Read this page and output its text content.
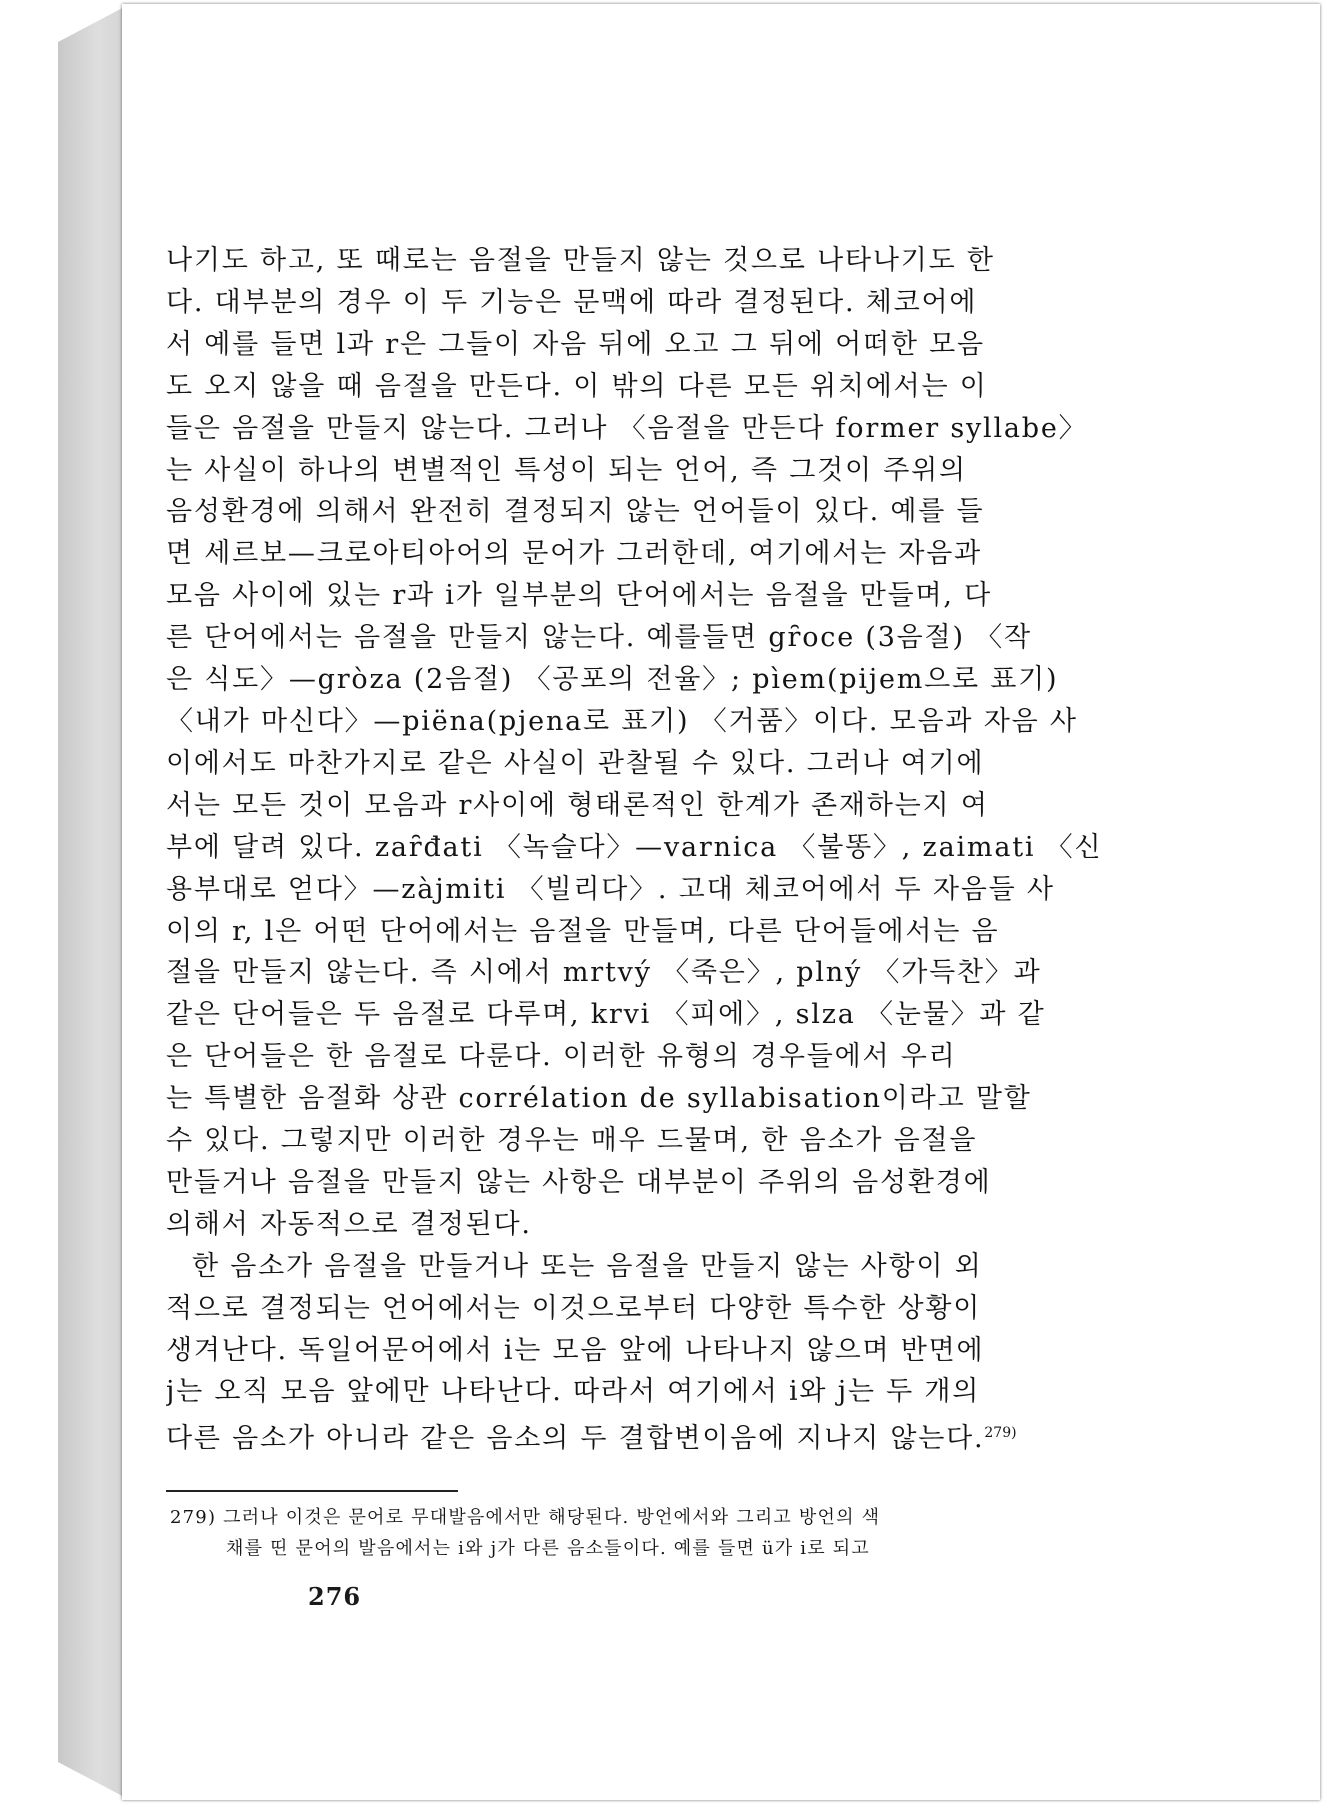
나기도 하고, 또 때로는 음절을 만들지 않는 것으로 나타나기도 한
다. 대부분의 경우 이 두 기능은 문맥에 따라 결정된다. 체코어에
서 예를 들면 l과 r은 그들이 자음 뒤에 오고 그 뒤에 어떠한 모음
도 오지 않을 때 음절을 만든다. 이 밖의 다른 모든 위치에서는 이
들은 음절을 만들지 않는다. 그러나 〈음절을 만든다 former syllabe〉
는 사실이 하나의 변별적인 특성이 되는 언어, 즉 그것이 주위의
음성환경에 의해서 완전히 결정되지 않는 언어들이 있다. 예를 들
면 세르보—크로아티아어의 문어가 그러한데, 여기에서는 자음과
모음 사이에 있는 r과 i가 일부분의 단어에서는 음절을 만들며, 다
른 단어에서는 음절을 만들지 않는다. 예를들면 gȓoce (3음절) 〈작
은 식도〉—gròza (2음절) 〈공포의 전율〉; pìem(pijem으로 표기)
〈내가 마신다〉—piëna(pjena로 표기) 〈거품〉이다. 모음과 자음 사
이에서도 마찬가지로 같은 사실이 관찰될 수 있다. 그러나 여기에
서는 모든 것이 모음과 r사이에 형태론적인 한계가 존재하는지 여
부에 달려 있다. zaȓđati 〈녹슬다〉—varnica 〈불똥〉, zaimati 〈신
용부대로 얻다〉—zàjmiti 〈빌리다〉. 고대 체코어에서 두 자음들 사
이의 r, l은 어떤 단어에서는 음절을 만들며, 다른 단어들에서는 음
절을 만들지 않는다. 즉 시에서 mrtvý 〈죽은〉, plný 〈가득찬〉과
같은 단어들은 두 음절로 다루며, krvi 〈피에〉, slza 〈눈물〉과 같
은 단어들은 한 음절로 다룬다. 이러한 유형의 경우들에서 우리
는 특별한 음절화 상관 corrélation de syllabisation이라고 말할
수 있다. 그렇지만 이러한 경우는 매우 드물며, 한 음소가 음절을
만들거나 음절을 만들지 않는 사항은 대부분이 주위의 음성환경에
의해서 자동적으로 결정된다.
한 음소가 음절을 만들거나 또는 음절을 만들지 않는 사항이 외
적으로 결정되는 언어에서는 이것으로부터 다양한 특수한 상황이
생겨난다. 독일어문어에서 i는 모음 앞에 나타나지 않으며 반면에
j는 오직 모음 앞에만 나타난다. 따라서 여기에서 i와 j는 두 개의
다른 음소가 아니라 같은 음소의 두 결합변이음에 지나지 않는다.$^{279)}$
279) 그러나 이것은 문어로 무대발음에서만 해당된다. 방언에서와 그리고 방언의 색
채를 띤 문어의 발음에서는 i와 j가 다른 음소들이다. 예를 들면 ü가 i로 되고
276
